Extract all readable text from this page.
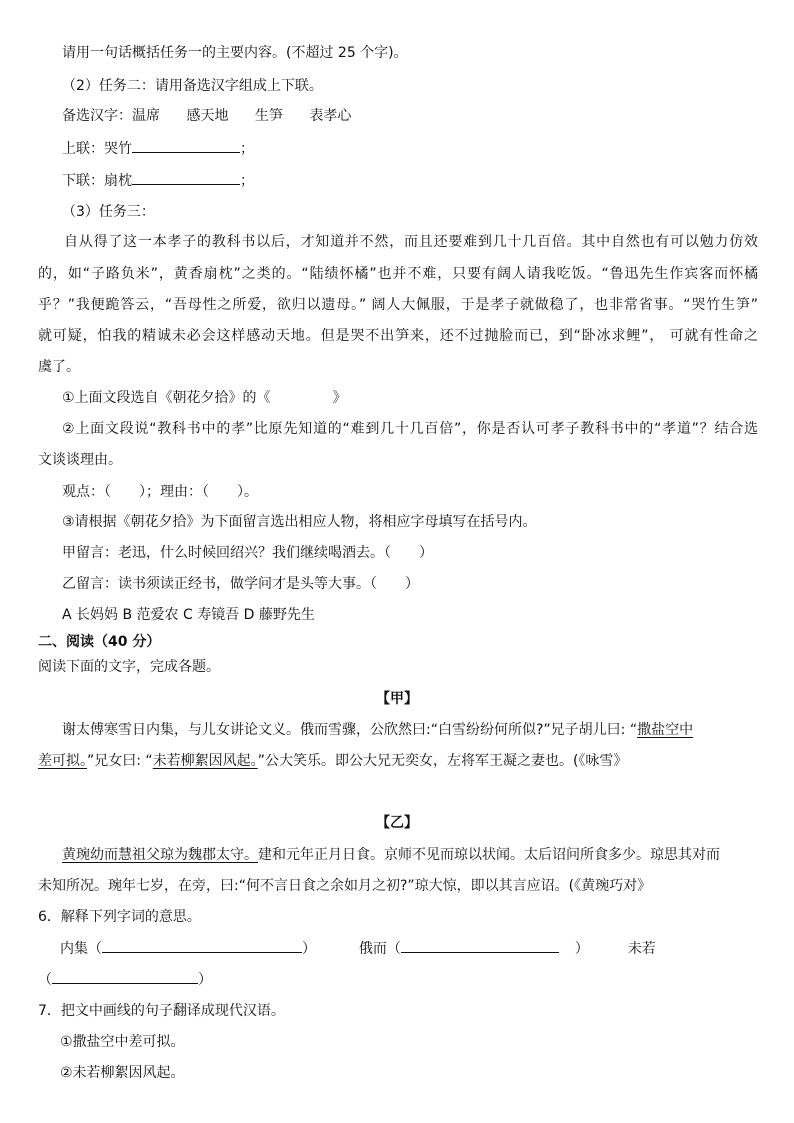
请用一句话概括任务一的主要内容。(不超过 25 个字)。
（2）任务二：请用备选汉字组成上下联。
备选汉字：温席 感天地 生笋 表孝心
上联：哭竹	；
下联：扇枕	；
（3）任务三：
自从得了这一本孝子的教科书以后，才知道并不然，而且还要难到几十几百倍。其中自然也有可以勉力仿效
的，如“子路负米”，黄香扇枕”之类的。“陆绩怀橘”也并不难，只要有阔人请我吃饭。“鲁迅先生作宾客而怀橘
乎？”我便跪答云，“吾母性之所爱，欲归以遗母。” 阔人大佩服，于是孝子就做稳了，也非常省事。“哭竹生笋”
就可疑，怕我的精诚未必会这样感动天地。但是哭不出笋来，还不过抛脸而已，到“卧冰求鲤”， 可就有性命之
虞了。
①上面文段选自《朝花夕拾》的《	》
②上面文段说“教科书中的孝”比原先知道的“难到几十几百倍”，你是否认可孝子教科书中的“孝道”？结合选
文谈谈理由。
观点：（　　）；理由：（　　）。
③请根据《朝花夕拾》为下面留言选出相应人物，将相应字母填写在括号内。
甲留言：老迅，什么时候回绍兴？我们继续喝酒去。（　　）
乙留言：读书须读正经书，做学问才是头等大事。（　　）
A 长妈妈 B 范爱农 C 寿镜吾 D 藤野先生
二、阅读（40 分）
阅读下面的文字，完成各题。
【甲】
谢太傅寒雪日内集，与儿女讲论文义。俄而雪骤，公欣然曰:“白雪纷纷何所似?”兄子胡儿曰: “撒盐空中
差可拟。”兄女曰: “未若柳絮因风起。”公大笑乐。即公大兄无奕女，左将军王凝之妻也。(《咏雪》
【乙】
黄琬幼而慧祖父琼为魏郡太守。建和元年正月日食。京师不见而琼以状闻。太后诏问所食多少。琼思其对而
未知所况。琬年七岁，在旁，曰:“何不言日食之余如月之初?”琼大惊，即以其言应诏。(《黄琬巧对》
6．解释下列字词的意思。
内集（	）	俄而（	）	未若
（	）
7．把文中画线的句子翻译成现代汉语。
①撒盐空中差可拟。
②未若柳絮因风起。
